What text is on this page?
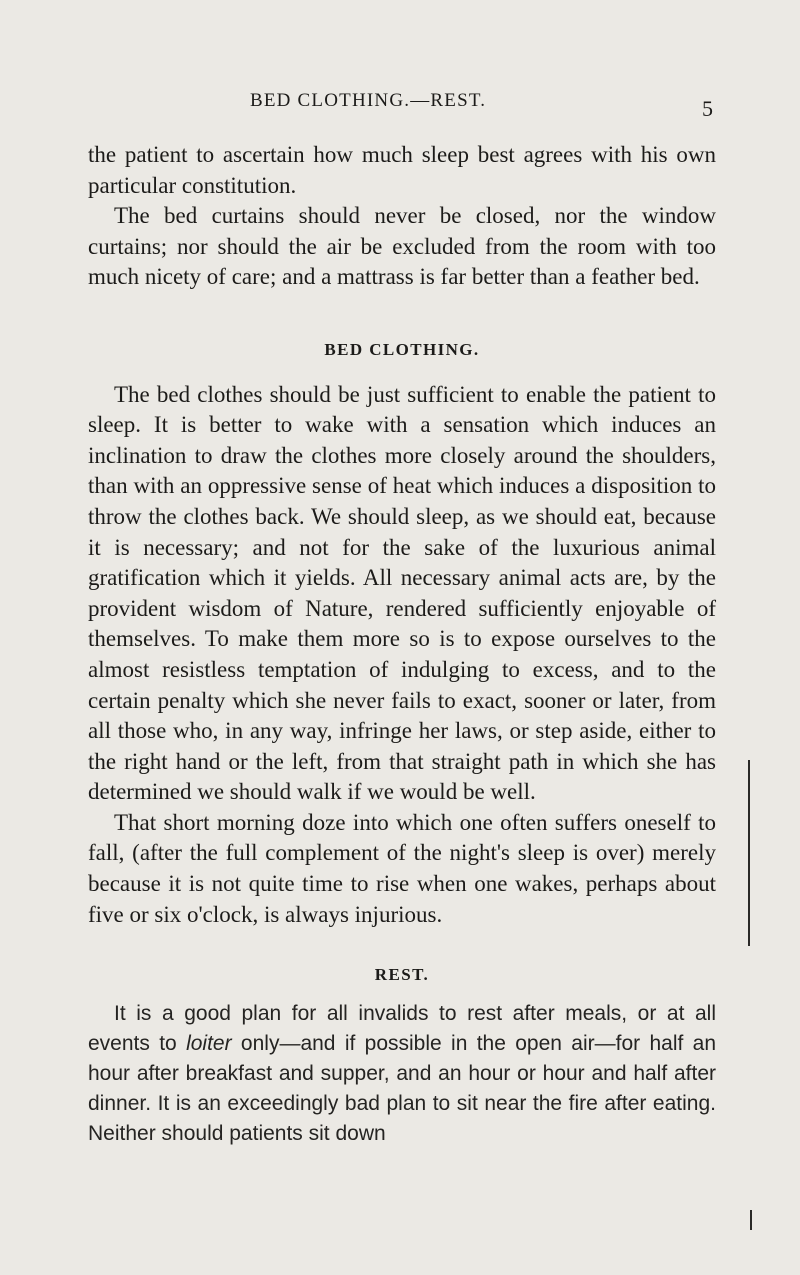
BED CLOTHING.—REST.	5

the patient to ascertain how much sleep best agrees with his own particular constitution.

The bed curtains should never be closed, nor the window curtains; nor should the air be excluded from the room with too much nicety of care; and a mattrass is far better than a feather bed.

BED CLOTHING.

The bed clothes should be just sufficient to enable the patient to sleep. It is better to wake with a sensation which induces an inclination to draw the clothes more closely around the shoulders, than with an oppressive sense of heat which induces a disposition to throw the clothes back. We should sleep, as we should eat, because it is necessary; and not for the sake of the luxurious animal gratification which it yields. All necessary animal acts are, by the provident wisdom of Nature, rendered sufficiently enjoyable of themselves. To make them more so is to expose ourselves to the almost resistless temptation of indulging to excess, and to the certain penalty which she never fails to exact, sooner or later, from all those who, in any way, infringe her laws, or step aside, either to the right hand or the left, from that straight path in which she has determined we should walk if we would be well.

That short morning doze into which one often suffers oneself to fall, (after the full complement of the night's sleep is over) merely because it is not quite time to rise when one wakes, perhaps about five or six o'clock, is always injurious.

REST.

It is a good plan for all invalids to rest after meals, or at all events to loiter only—and if possible in the open air—for half an hour after breakfast and supper, and an hour or hour and half after dinner. It is an exceedingly bad plan to sit near the fire after eating. Neither should patients sit down
